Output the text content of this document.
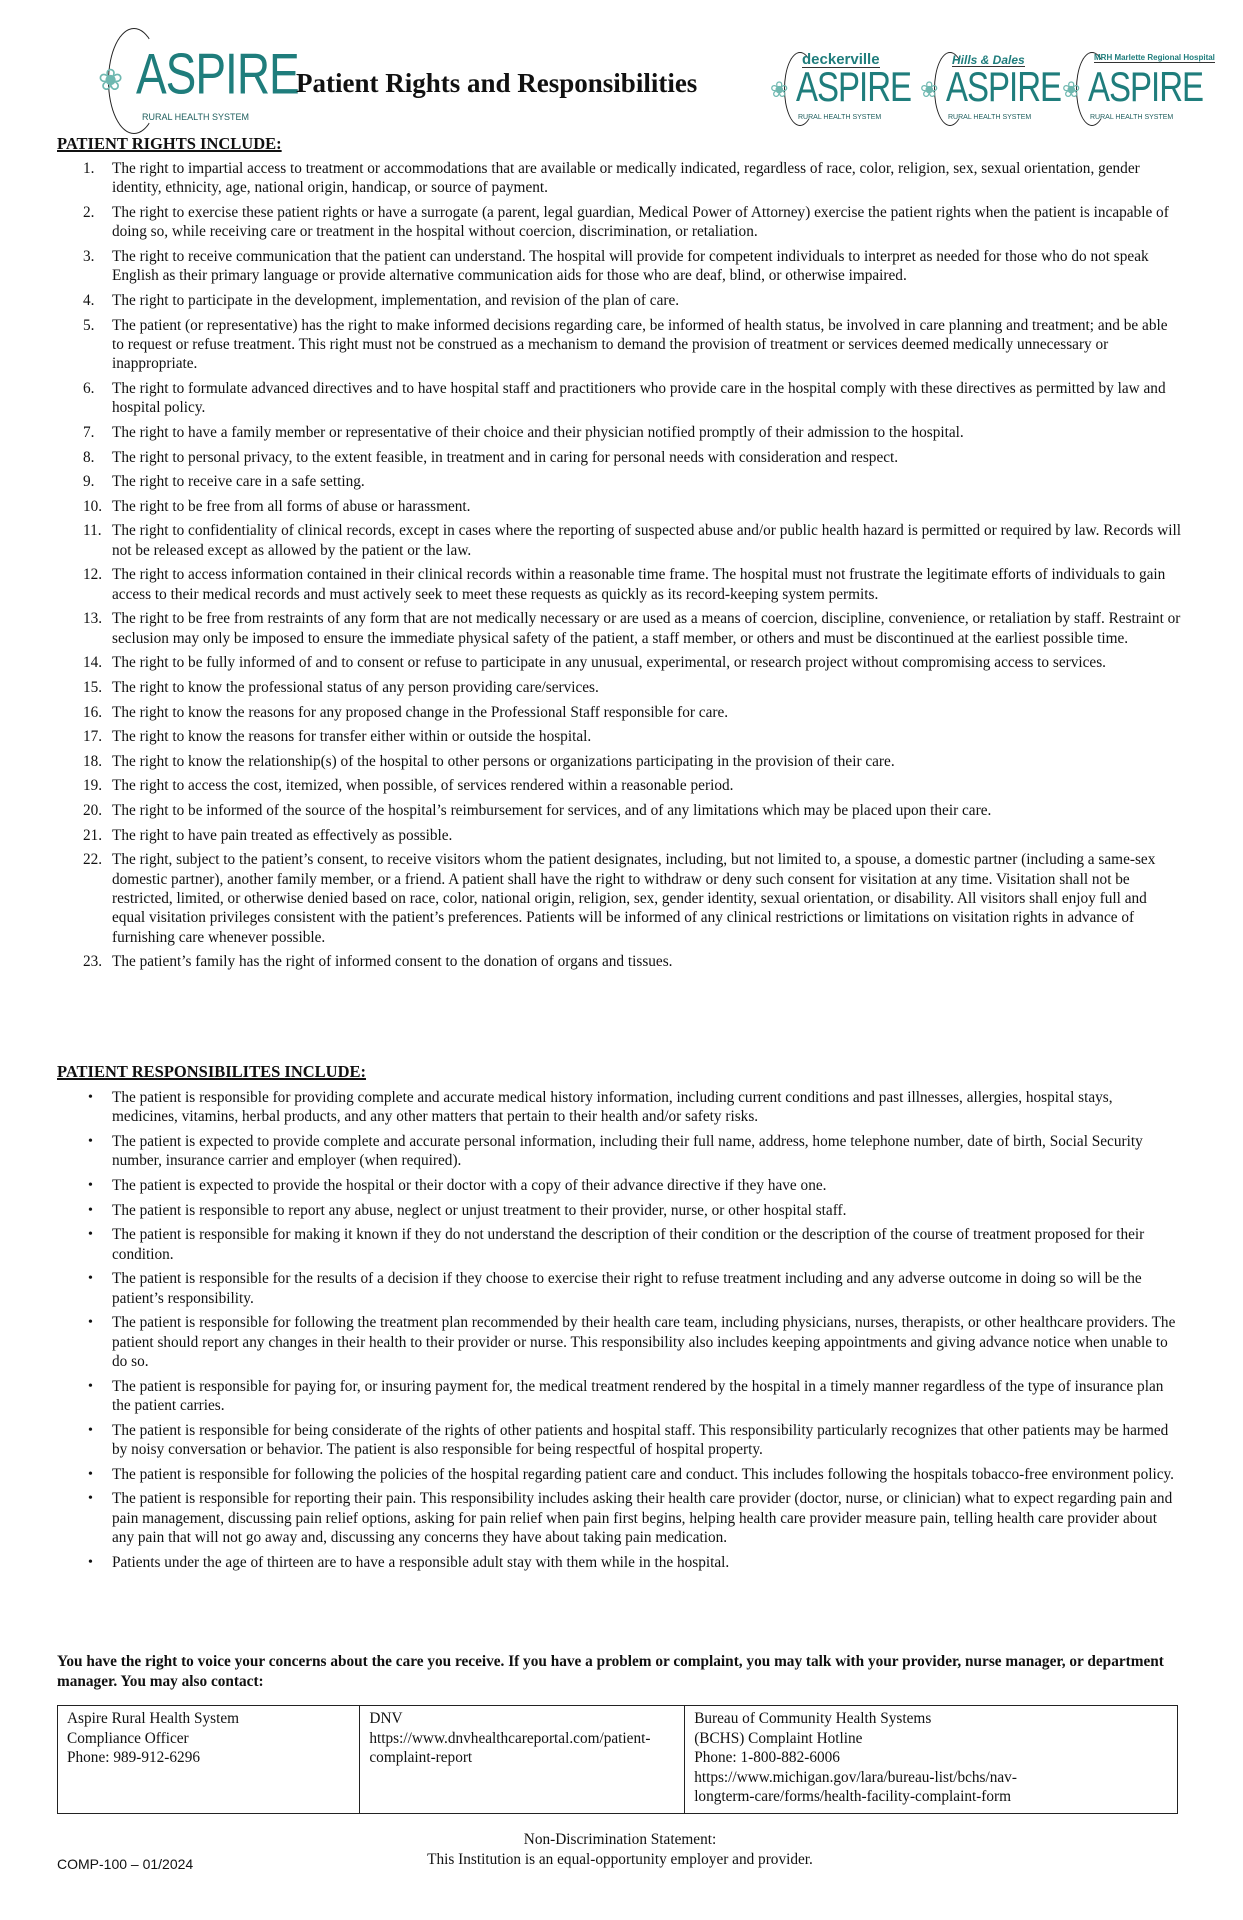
❀ ASPIRE
RURAL HEALTH SYSTEM
Patient Rights and Responsibilities	❀
deckerville
ASPIRE
RURAL HEALTH SYSTEM
❀
Hills & Dales
ASPIRE
RURAL HEALTH SYSTEM
❀
MRH Marlette Regional Hospital
ASPIRE
RURAL HEALTH SYSTEM
PATIENT RIGHTS INCLUDE:
1.	The right to impartial access to treatment or accommodations that are available or medically indicated, regardless of race, color, religion, sex, sexual orientation, gender identity, ethnicity, age, national origin, handicap, or source of payment.
2.	The right to exercise these patient rights or have a surrogate (a parent, legal guardian, Medical Power of Attorney) exercise the patient rights when the patient is incapable of doing so, while receiving care or treatment in the hospital without coercion, discrimination, or retaliation.
3.	The right to receive communication that the patient can understand. The hospital will provide for competent individuals to interpret as needed for those who do not speak English as their primary language or provide alternative communication aids for those who are deaf, blind, or otherwise impaired.
4.	The right to participate in the development, implementation, and revision of the plan of care.
5.	The patient (or representative) has the right to make informed decisions regarding care, be informed of health status, be involved in care planning and treatment; and be able to request or refuse treatment. This right must not be construed as a mechanism to demand the provision of treatment or services deemed medically unnecessary or inappropriate.
6.	The right to formulate advanced directives and to have hospital staff and practitioners who provide care in the hospital comply with these directives as permitted by law and hospital policy.
7.	The right to have a family member or representative of their choice and their physician notified promptly of their admission to the hospital.
8.	The right to personal privacy, to the extent feasible, in treatment and in caring for personal needs with consideration and respect.
9.	The right to receive care in a safe setting.
10. The right to be free from all forms of abuse or harassment.
11. The right to confidentiality of clinical records, except in cases where the reporting of suspected abuse and/or public health hazard is permitted or required by law. Records will not be released except as allowed by the patient or the law.
12. The right to access information contained in their clinical records within a reasonable time frame. The hospital must not frustrate the legitimate efforts of individuals to gain access to their medical records and must actively seek to meet these requests as quickly as its record-keeping system permits.
13. The right to be free from restraints of any form that are not medically necessary or are used as a means of coercion, discipline, convenience, or retaliation by staff. Restraint or seclusion may only be imposed to ensure the immediate physical safety of the patient, a staff member, or others and must be discontinued at the earliest possible time.
14. The right to be fully informed of and to consent or refuse to participate in any unusual, experimental, or research project without compromising access to services.
15. The right to know the professional status of any person providing care/services.
16. The right to know the reasons for any proposed change in the Professional Staff responsible for care.
17. The right to know the reasons for transfer either within or outside the hospital.
18. The right to know the relationship(s) of the hospital to other persons or organizations participating in the provision of their care.
19. The right to access the cost, itemized, when possible, of services rendered within a reasonable period.
20. The right to be informed of the source of the hospital’s reimbursement for services, and of any limitations which may be placed upon their care.
21. The right to have pain treated as effectively as possible.
22. The right, subject to the patient’s consent, to receive visitors whom the patient designates, including, but not limited to, a spouse, a domestic partner (including a same-sex domestic partner), another family member, or a friend. A patient shall have the right to withdraw or deny such consent for visitation at any time. Visitation shall not be restricted, limited, or otherwise denied based on race, color, national origin, religion, sex, gender identity, sexual orientation, or disability. All visitors shall enjoy full and equal visitation privileges consistent with the patient’s preferences. Patients will be informed of any clinical restrictions or limitations on visitation rights in advance of furnishing care whenever possible.
23. The patient’s family has the right of informed consent to the donation of organs and tissues.
PATIENT RESPONSIBILITES INCLUDE:
•	The patient is responsible for providing complete and accurate medical history information, including current conditions and past illnesses, allergies, hospital stays, medicines, vitamins, herbal products, and any other matters that pertain to their health and/or safety risks.
•	The patient is expected to provide complete and accurate personal information, including their full name, address, home telephone number, date of birth, Social Security number, insurance carrier and employer (when required).
•	The patient is expected to provide the hospital or their doctor with a copy of their advance directive if they have one.
•	The patient is responsible to report any abuse, neglect or unjust treatment to their provider, nurse, or other hospital staff.
•	The patient is responsible for making it known if they do not understand the description of their condition or the description of the course of treatment proposed for their condition.
•	The patient is responsible for the results of a decision if they choose to exercise their right to refuse treatment including and any adverse outcome in doing so will be the patient’s responsibility.
•	The patient is responsible for following the treatment plan recommended by their health care team, including physicians, nurses, therapists, or other healthcare providers. The patient should report any changes in their health to their provider or nurse. This responsibility also includes keeping appointments and giving advance notice when unable to do so.
•	The patient is responsible for paying for, or insuring payment for, the medical treatment rendered by the hospital in a timely manner regardless of the type of insurance plan the patient carries.
•	The patient is responsible for being considerate of the rights of other patients and hospital staff. This responsibility particularly recognizes that other patients may be harmed by noisy conversation or behavior. The patient is also responsible for being respectful of hospital property.
•	The patient is responsible for following the policies of the hospital regarding patient care and conduct. This includes following the hospitals tobacco-free environment policy.
•	The patient is responsible for reporting their pain. This responsibility includes asking their health care provider (doctor, nurse, or clinician) what to expect regarding pain and pain management, discussing pain relief options, asking for pain relief when pain first begins, helping health care provider measure pain, telling health care provider about any pain that will not go away and, discussing any concerns they have about taking pain medication.
•	Patients under the age of thirteen are to have a responsible adult stay with them while in the hospital.
You have the right to voice your concerns about the care you receive. If you have a problem or complaint, you may talk with your provider, nurse manager, or department manager. You may also contact:
Aspire Rural Health System
Compliance Officer
Phone: 989-912-6296

DNV
https://www.dnvhealthcareportal.com/patient-
complaint-report

Bureau of Community Health Systems
(BCHS) Complaint Hotline
Phone: 1-800-882-6006
https://www.michigan.gov/lara/bureau-list/bchs/nav-
longterm-care/forms/health-facility-complaint-form
COMP-100 – 01/2024
Non-Discrimination Statement:
This Institution is an equal-opportunity employer and provider.
